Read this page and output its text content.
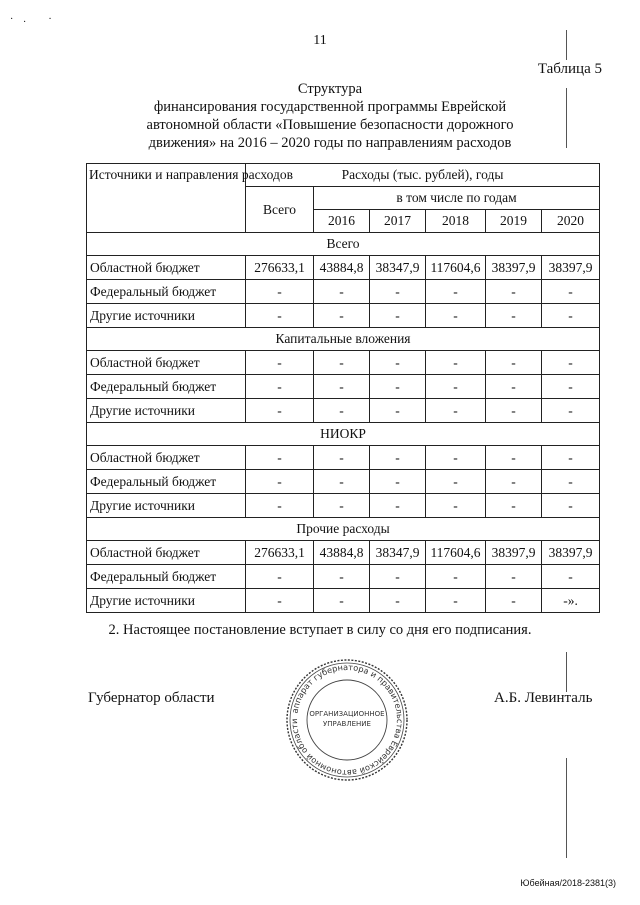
·. ·
11
Таблица 5
Структура
финансирования государственной программы Еврейской
автономной области «Повышение безопасности дорожного
движения» на 2016 – 2020 годы по направлениям расходов
Источники и направления расходов	Расходы (тыс. рублей), годы					
	Всего	в том числе по годам				
		2016	2017	2018	2019	2020
Всего						
Областной бюджет	276633,1	43884,8	38347,9	117604,6	38397,9	38397,9
Федеральный бюджет	-	-	-	-	-	-
Другие источники	-	-	-	-	-	-
Капитальные вложения						
Областной бюджет	-	-	-	-	-	-
Федеральный бюджет	-	-	-	-	-	-
Другие источники	-	-	-	-	-	-
НИОКР						
Областной бюджет	-	-	-	-	-	-
Федеральный бюджет	-	-	-	-	-	-
Другие источники	-	-	-	-	-	-
Прочие расходы						
Областной бюджет	276633,1	43884,8	38347,9	117604,6	38397,9	38397,9
Федеральный бюджет	-	-	-	-	-	-
Другие источники	-	-	-	-	-	-».
2. Настоящее постановление вступает в силу со дня его подписания.
Губернатор области	А.Б. Левинталь
аппарат губернатора и правительства Еврейской автономной области
ОРГАНИЗАЦИОННОЕ
УПРАВЛЕНИЕ
Юбейная/2018-2381(3)
